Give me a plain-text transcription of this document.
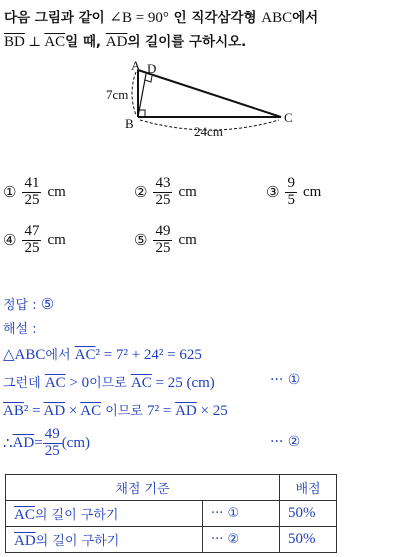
다음 그림과 같이 ∠B = 90° 인 직각삼각형 ABC에서
$\overline{BD}$ ⊥ $\overline{AC}$일 때, $\overline{AD}$의 길이를 구하시오.
A D
B	C
7cm
24cm
① $\frac{41}{25}$ cm	② $\frac{43}{25}$ cm	③ $\frac{9}{5}$ cm
④ $\frac{47}{25}$ cm	⑤ $\frac{49}{25}$ cm
정답 : ⑤
해설 :
△ABC에서 $\overline{AC}^2 = 7^2 + 24^2 = 625$
그런데 $\overline{AC} > 0$이므로 $\overline{AC} = 25$ (cm)	··· ①
$\overline{AB}^2 = \overline{AD} \times \overline{AC}$ 이므로 $7^2 = \overline{AD} \times 25$
∴ $\overline{AD} = \frac{49}{25} (cm)$	··· ②
채점 기준		배점
$\overline{AC}$의 길이 구하기	··· ①	50%
$\overline{AD}$의 길이 구하기	··· ②	50%
